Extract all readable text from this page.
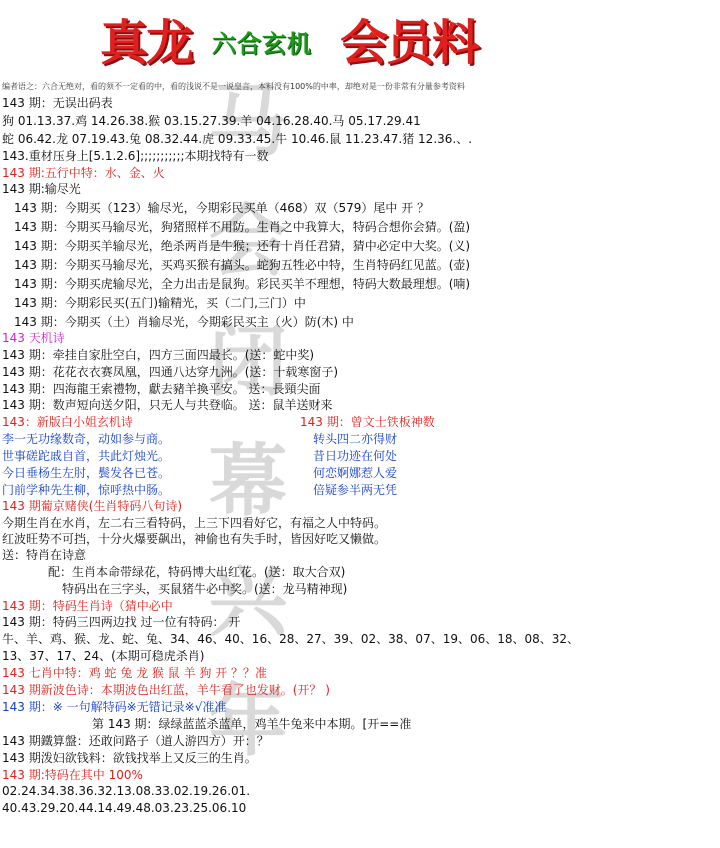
真龙 六合玄机 会员料
编者语之：六合无绝对，看的须不一定看的中，看的浅说不是一说皇言，本料没有100%的中率，却绝对是一份非常有分量参考资料
马
会
闭
幕
兴
年
143 期：无误出码表
狗 01.13.37.鸡 14.26.38.猴 03.15.27.39.羊 04.16.28.40.马 05.17.29.41
蛇 06.42.龙 07.19.43.兔 08.32.44.虎 09.33.45.牛 10.46.鼠 11.23.47.猪 12.36.、.
143.重材压身上[5.1.2.6];;;;;;;;;;;本期找特有一数
143 期:五行中特：水、金、火
143 期:输尽光
143 期：今期买（123）输尽光，今期彩民买单（468）双（579）尾中 开 ？
143 期：今期买马输尽光，狗猪照样不用防。生肖之中我算大，特码合想你会猜。(盈)
143 期：今期买羊输尽光，绝杀两肖是牛猴；还有十肖任君猜，猜中必定中大奖。(义)
143 期：今期买马输尽光，买鸡买猴有搞头。蛇狗五牲必中特，生肖特码红见蓝。(壶)
143 期：今期买虎输尽光，全力出击是鼠狗。彩民买羊不理想，特码大数最理想。(喃)
143 期：今期彩民买(五门)输精光，买（二门,三门）中
143 期：今期买（土）肖输尽光，今期彩民买主（火）防(木) 中
143 天机诗
143 期：牵挂自家肚空白，四方三面四最长。(送：蛇中奖)
143 期：花花衣衣赛凤凰，四通八达穿九洲。(送：十载寒窗子)
143 期：四海龍王索禮物，獻去豬羊換平安。 送：長頸尖面
143 期：数声短向送夕阳，只无人与共登临。 送：鼠羊送财来
143：新版白小姐玄机诗
李一无功缘数奇，动如参与商。
世事磋跎戚自首，共此灯烛光。
今日垂杨生左肘，鬓发各已苍。
门前学种先生柳，惊呼热中肠。
143 期葡京赌侠(生肖特码八句诗)
今期生肖在水肖，左二右三看特码，上三下四看好它，有福之人中特码。
红波旺势不可挡，十分火爆要飙出，神偷也有失手时，皆因好吃又懒做。
送：特肖在诗意
配：生肖本命带绿花，特码博大出红花。(送：取大合双)
特码出在三字头，买鼠猪牛必中奖。(送：龙马精神现)
143 期：特码生肖诗（猜中必中
143 期：特码三四两边找 过一位有特码： 开
牛、羊、鸡、猴、龙、蛇、兔、34、46、40、16、28、27、39、02、38、07、19、06、18、08、32、
13、37、17、24、(本期可稳虎杀肖)
143 七肖中特：鸡 蛇 兔 龙 猴 鼠 羊 狗 开 ？？准
143 期新波色诗：本期波色出红蓝，羊牛看了也发财。(开？ )
143 期：※ 一句解特码※无错记录※√准准
第 143 期：绿绿蓝蓝杀蓝单，鸡羊牛兔来中本期。[开==准
143 期鐵算盤：还敢问路子（道人游四方）开：？
143 期泼妇欲钱料：欲钱找举上又反三的生肖。
143 期:特码在其中 100%
02.24.34.38.36.32.13.08.33.02.19.26.01.
40.43.29.20.44.14.49.48.03.23.25.06.10
143 期：曾文士铁板神数
转头四二亦得财
昔日功迹在何处
何恋婀娜惹人爱
倍疑参半两无凭
